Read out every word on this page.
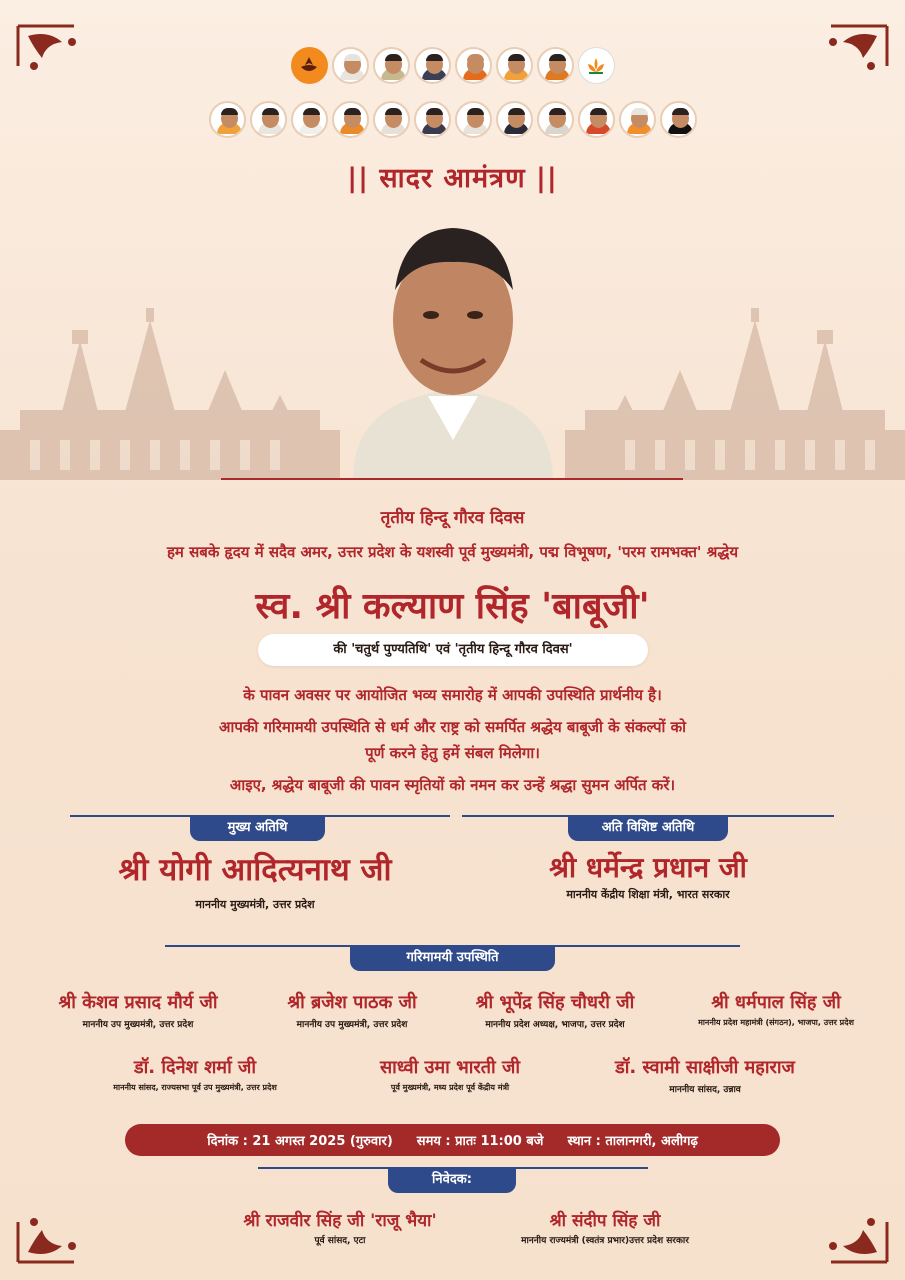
|| सादर आमंत्रण ||
तृतीय हिन्दू गौरव दिवस
हम सबके हृदय में सदैव अमर, उत्तर प्रदेश के यशस्वी पूर्व मुख्यमंत्री, पद्म विभूषण, 'परम रामभक्त' श्रद्धेय
स्व. श्री कल्याण सिंह 'बाबूजी'
की 'चतुर्थ पुण्यतिथि' एवं 'तृतीय हिन्दू गौरव दिवस'
के पावन अवसर पर आयोजित भव्य समारोह में आपकी उपस्थिति प्रार्थनीय है।
आपकी गरिमामयी उपस्थिति से धर्म और राष्ट्र को समर्पित श्रद्धेय बाबूजी के संकल्पों को
पूर्ण करने हेतु हमें संबल मिलेगा।
आइए, श्रद्धेय बाबूजी की पावन स्मृतियों को नमन कर उन्हें श्रद्धा सुमन अर्पित करें।
मुख्य अतिथि
श्री योगी आदित्यनाथ जी
माननीय मुख्यमंत्री, उत्तर प्रदेश
अति विशिष्ट अतिथि
श्री धर्मेन्द्र प्रधान जी
माननीय केंद्रीय शिक्षा मंत्री, भारत सरकार
गरिमामयी उपस्थिति
श्री केशव प्रसाद मौर्य जी
माननीय उप मुख्यमंत्री, उत्तर प्रदेश
श्री ब्रजेश पाठक जी
माननीय उप मुख्यमंत्री, उत्तर प्रदेश
श्री भूपेंद्र सिंह चौधरी जी
माननीय प्रदेश अध्यक्ष, भाजपा, उत्तर प्रदेश
श्री धर्मपाल सिंह जी
माननीय प्रदेश महामंत्री (संगठन), भाजपा, उत्तर प्रदेश
डॉ. दिनेश शर्मा जी
माननीय सांसद, राज्यसभा पूर्व उप मुख्यमंत्री, उत्तर प्रदेश
साध्वी उमा भारती जी
पूर्व मुख्यमंत्री, मध्य प्रदेश पूर्व केंद्रीय मंत्री
डॉ. स्वामी साक्षीजी महाराज
माननीय सांसद, उन्नाव
दिनांक : 21 अगस्त 2025 (गुरुवार) समय : प्रातः 11:00 बजे स्थान : तालानगरी, अलीगढ़
निवेदक:
श्री राजवीर सिंह जी 'राजू भैया'
पूर्व सांसद, एटा
श्री संदीप सिंह जी
माननीय राज्यमंत्री (स्वतंत्र प्रभार)उत्तर प्रदेश सरकार
